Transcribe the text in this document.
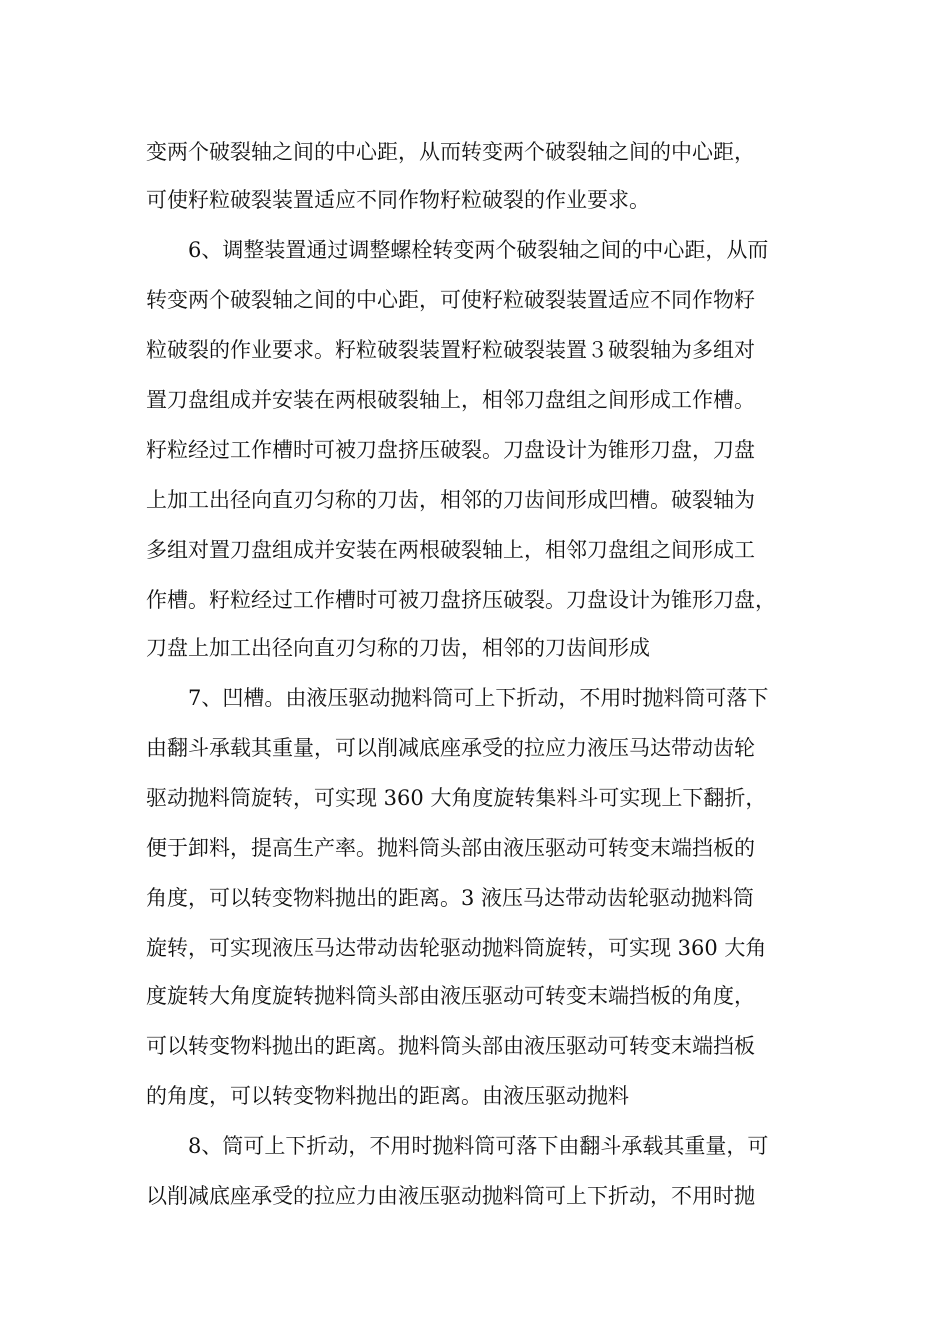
变两个破裂轴之间的中心距，从而转变两个破裂轴之间的中心距，
可使籽粒破裂装置适应不同作物籽粒破裂的作业要求。
6、调整装置通过调整螺栓转变两个破裂轴之间的中心距，从而
转变两个破裂轴之间的中心距，可使籽粒破裂装置适应不同作物籽
粒破裂的作业要求。籽粒破裂装置籽粒破裂装置３破裂轴为多组对
置刀盘组成并安装在两根破裂轴上，相邻刀盘组之间形成工作槽。
籽粒经过工作槽时可被刀盘挤压破裂。刀盘设计为锥形刀盘，刀盘
上加工出径向直刃匀称的刀齿，相邻的刀齿间形成凹槽。破裂轴为
多组对置刀盘组成并安装在两根破裂轴上，相邻刀盘组之间形成工
作槽。籽粒经过工作槽时可被刀盘挤压破裂。刀盘设计为锥形刀盘，
刀盘上加工出径向直刃匀称的刀齿，相邻的刀齿间形成
7、凹槽。由液压驱动抛料筒可上下折动，不用时抛料筒可落下
由翻斗承载其重量，可以削减底座承受的拉应力液压马达带动齿轮
驱动抛料筒旋转，可实现 360 大角度旋转集料斗可实现上下翻折，
便于卸料，提高生产率。抛料筒头部由液压驱动可转变末端挡板的
角度，可以转变物料抛出的距离。3 液压马达带动齿轮驱动抛料筒
旋转，可实现液压马达带动齿轮驱动抛料筒旋转，可实现 360 大角
度旋转大角度旋转抛料筒头部由液压驱动可转变末端挡板的角度，
可以转变物料抛出的距离。抛料筒头部由液压驱动可转变末端挡板
的角度，可以转变物料抛出的距离。由液压驱动抛料
8、筒可上下折动，不用时抛料筒可落下由翻斗承载其重量，可
以削减底座承受的拉应力由液压驱动抛料筒可上下折动，不用时抛
